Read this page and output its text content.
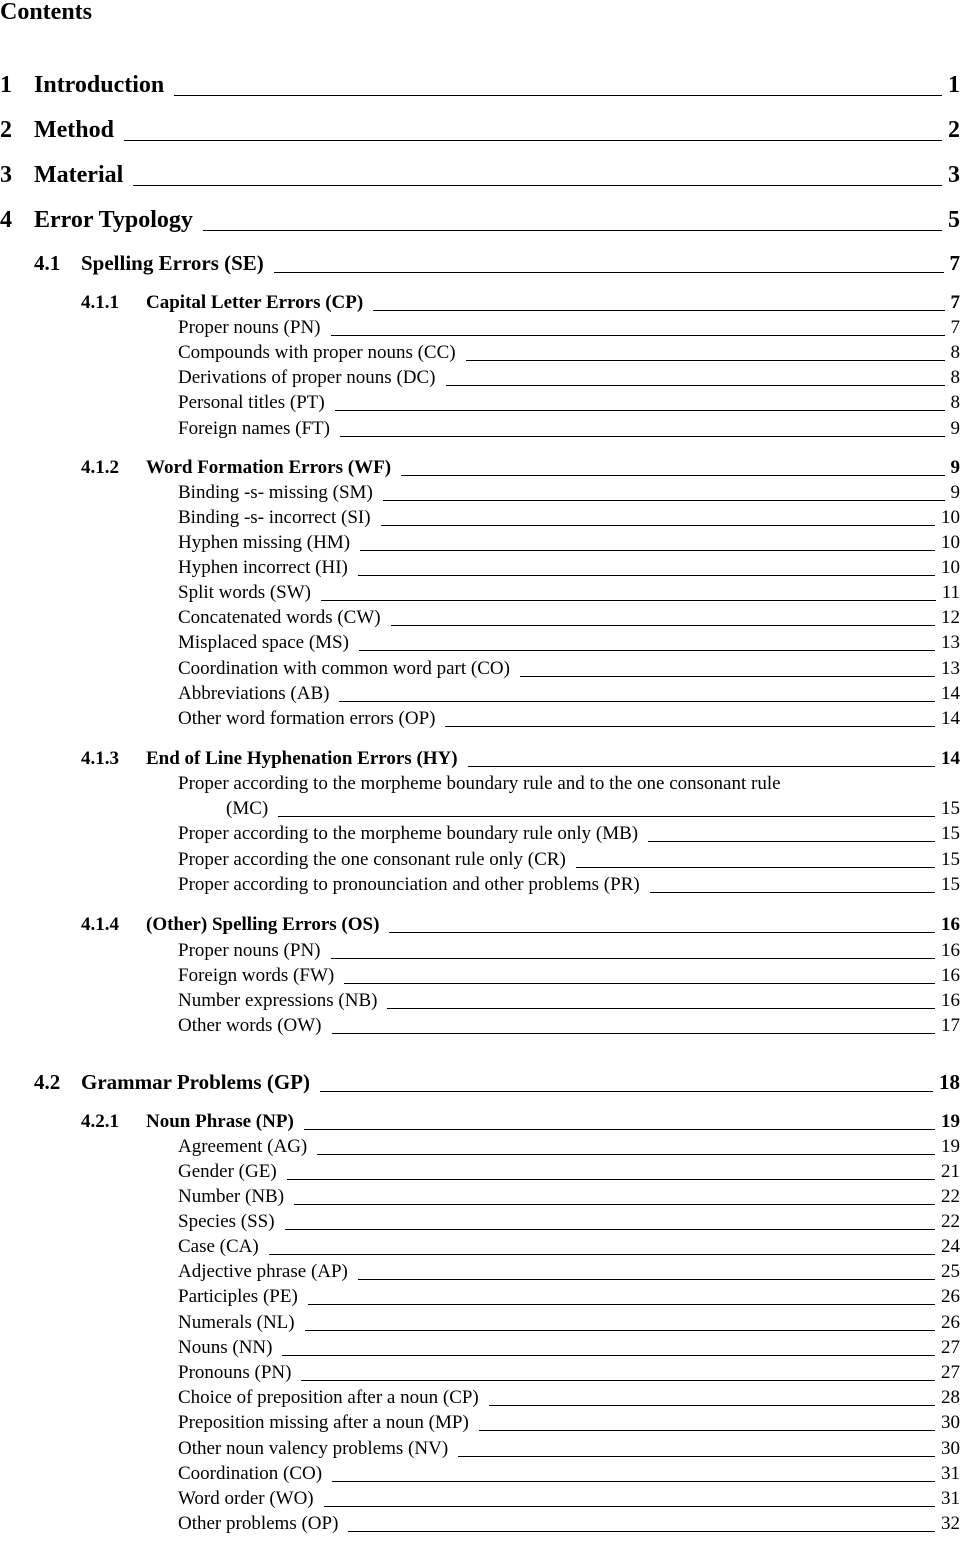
Contents
1 Introduction	1
2 Method	2
3 Material	3
4 Error Typology	5
4.1 Spelling Errors (SE)	7
4.1.1	Capital Letter Errors (CP)	7
Proper nouns (PN)	7
Compounds with proper nouns (CC)	8
Derivations of proper nouns (DC)	8
Personal titles (PT)	8
Foreign names (FT)	9
4.1.2	Word Formation Errors (WF)	9
Binding -s- missing (SM)	9
Binding -s- incorrect (SI)	10
Hyphen missing (HM)	10
Hyphen incorrect (HI)	10
Split words (SW)	11
Concatenated words (CW)	12
Misplaced space (MS)	13
Coordination with common word part (CO)	13
Abbreviations (AB)	14
Other word formation errors (OP)	14
4.1.3	End of Line Hyphenation Errors (HY)	14
Proper according to the morpheme boundary rule and to the one consonant rule
(MC)	15
Proper according to the morpheme boundary rule only (MB)	15
Proper according the one consonant rule only (CR)	15
Proper according to pronounciation and other problems (PR)	15
4.1.4	(Other) Spelling Errors (OS)	16
Proper nouns (PN)	16
Foreign words (FW)	16
Number expressions (NB)	16
Other words (OW)	17
4.2 Grammar Problems (GP)	18
4.2.1	Noun Phrase (NP)	19
Agreement (AG)	19
Gender (GE)	21
Number (NB)	22
Species (SS)	22
Case (CA)	24
Adjective phrase (AP)	25
Participles (PE)	26
Numerals (NL)	26
Nouns (NN)	27
Pronouns (PN)	27
Choice of preposition after a noun (CP)	28
Preposition missing after a noun (MP)	30
Other noun valency problems (NV)	30
Coordination (CO)	31
Word order (WO)	31
Other problems (OP)	32
